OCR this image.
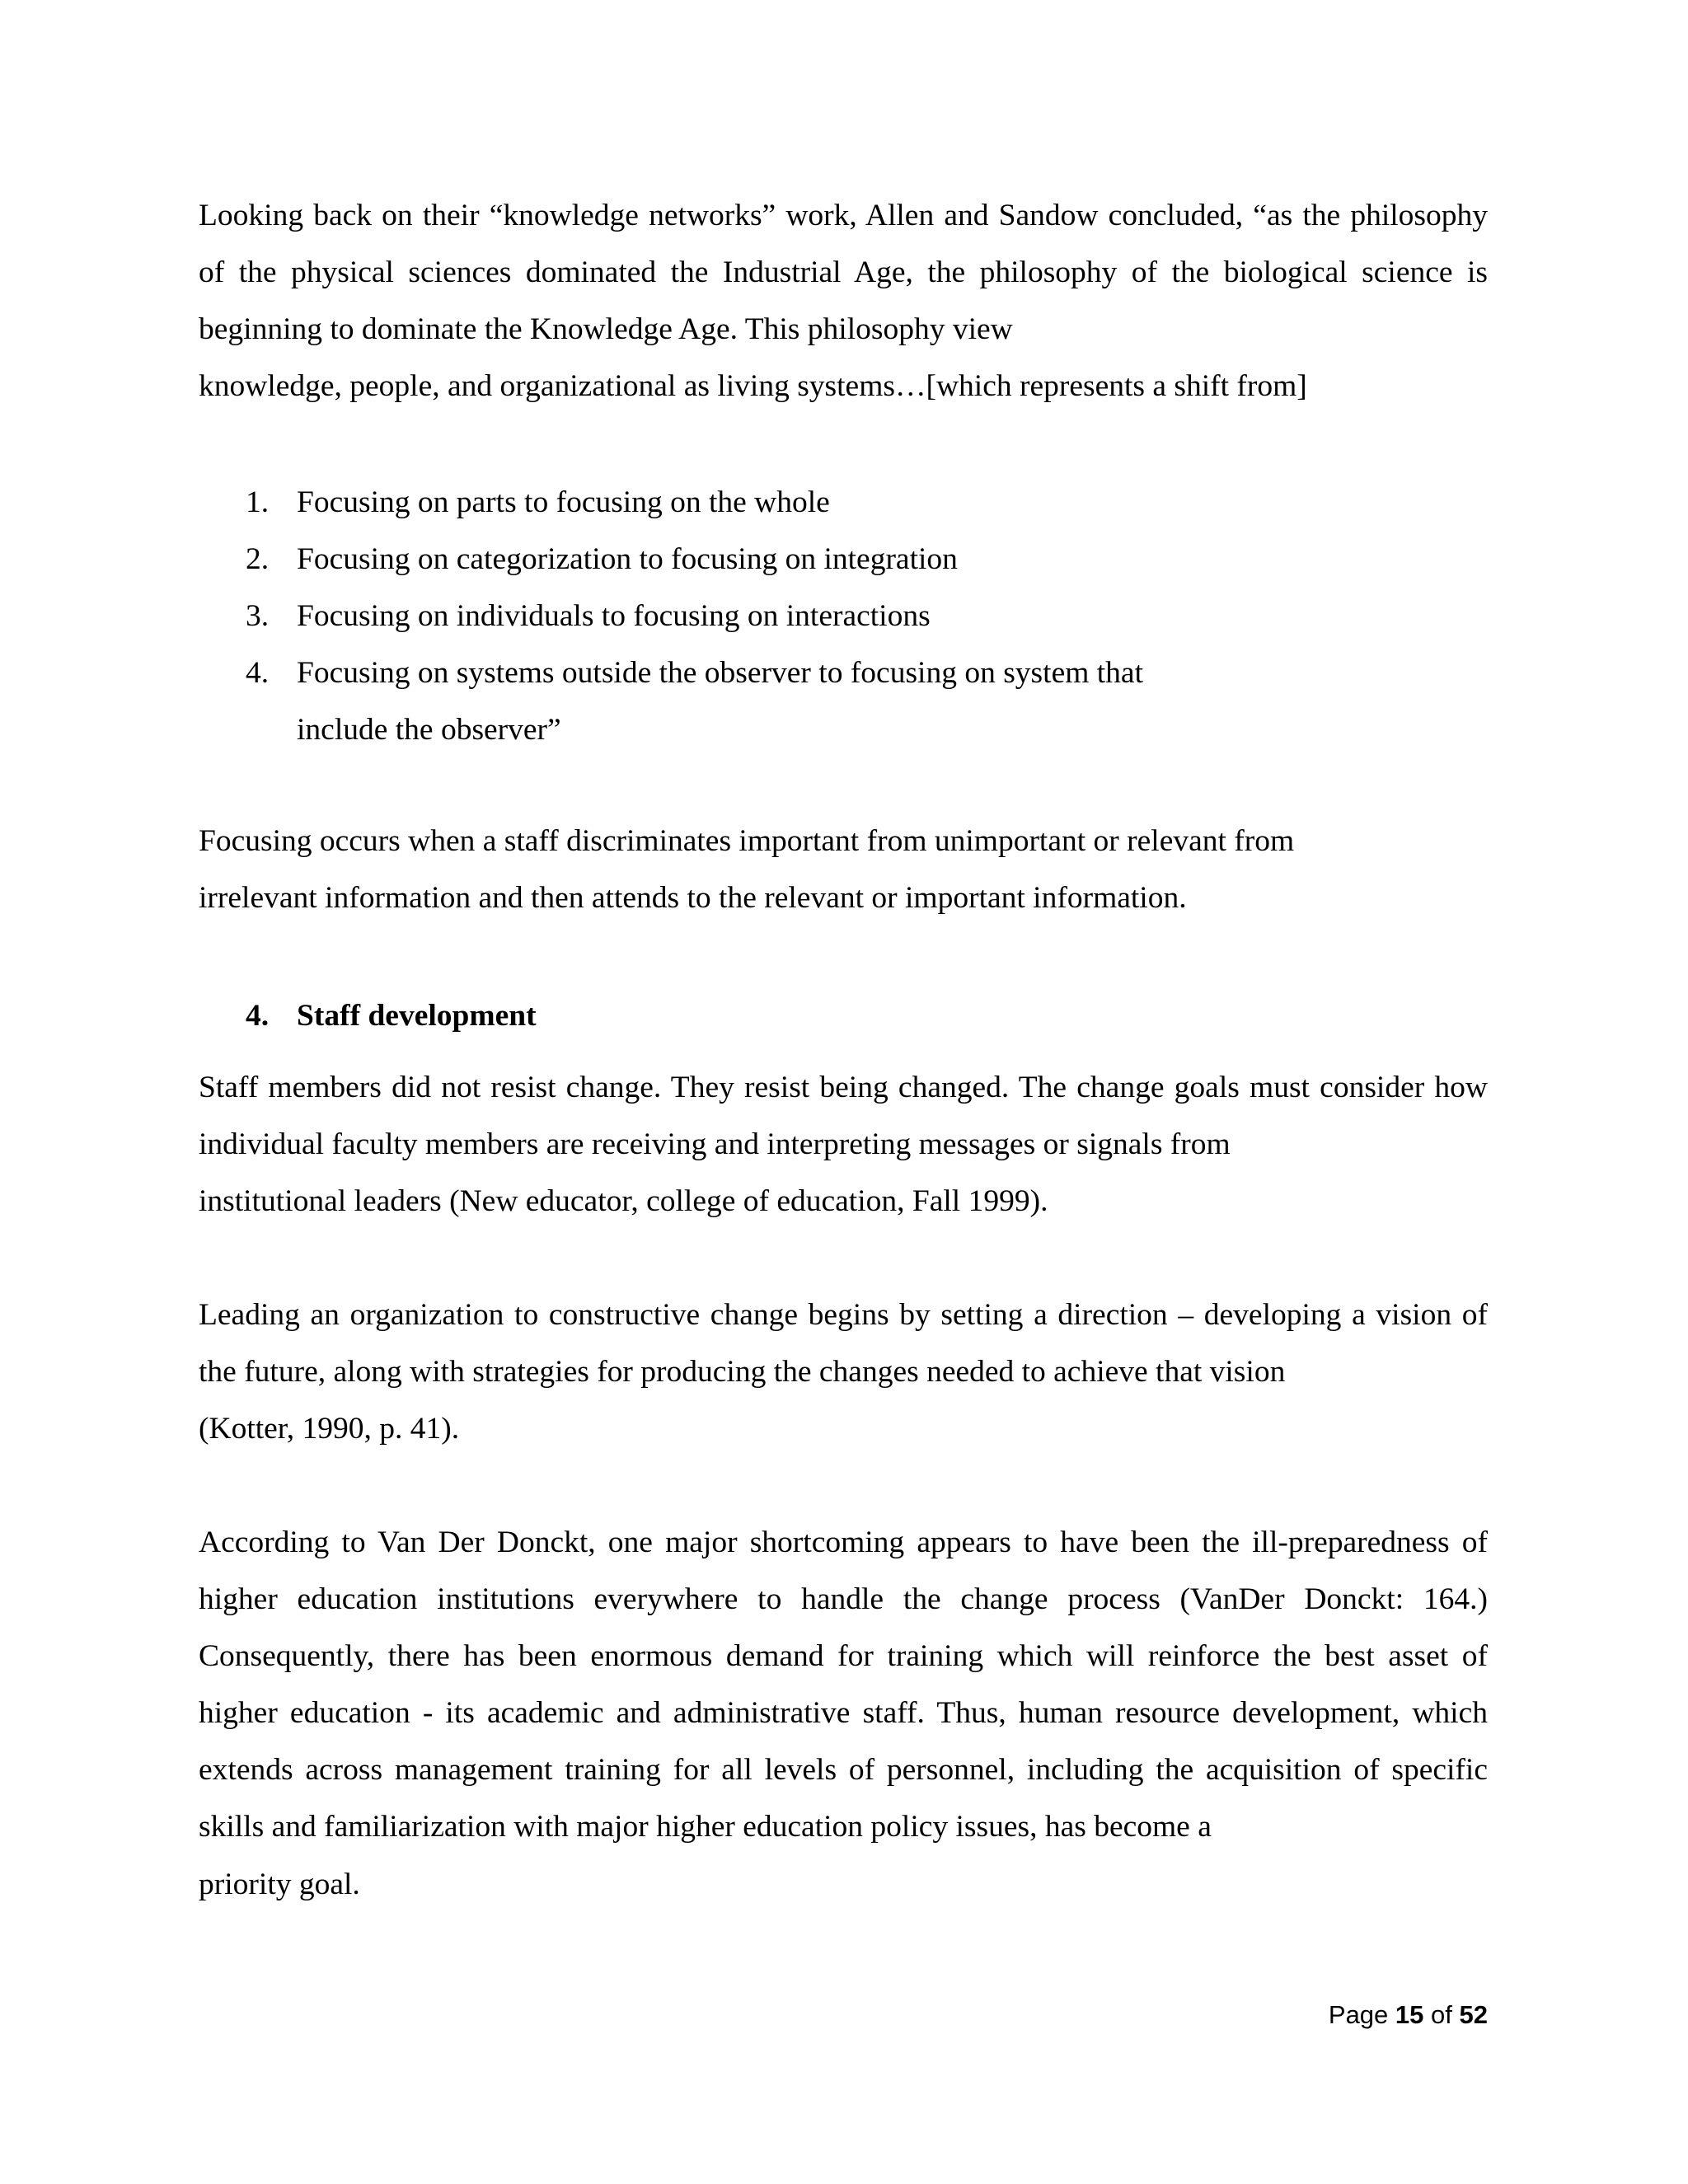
Looking back on their “knowledge networks” work, Allen and Sandow concluded, “as the philosophy of the physical sciences dominated the Industrial Age, the philosophy of the biological science is beginning to dominate the Knowledge Age. This philosophy view

knowledge, people, and organizational as living systems…[which represents a shift from]

1. Focusing on parts to focusing on the whole
2. Focusing on categorization to focusing on integration
3. Focusing on individuals to focusing on interactions
4. Focusing on systems outside the observer to focusing on system that include the observer”

Focusing occurs when a staff discriminates important from unimportant or relevant from

irrelevant information and then attends to the relevant or important information.

4. Staff development

Staff members did not resist change. They resist being changed. The change goals must consider how individual faculty members are receiving and interpreting messages or signals from

institutional leaders (New educator, college of education, Fall 1999).

Leading an organization to constructive change begins by setting a direction – developing a vision of the future, along with strategies for producing the changes needed to achieve that vision

(Kotter, 1990, p. 41).

According to Van Der Donckt, one major shortcoming appears to have been the ill-preparedness of higher education institutions everywhere to handle the change process (VanDer Donckt: 164.) Consequently, there has been enormous demand for training which will reinforce the best asset of higher education - its academic and administrative staff. Thus, human resource development, which extends across management training for all levels of personnel, including the acquisition of specific skills and familiarization with major higher education policy issues, has become a

priority goal.

Page 15 of 52
